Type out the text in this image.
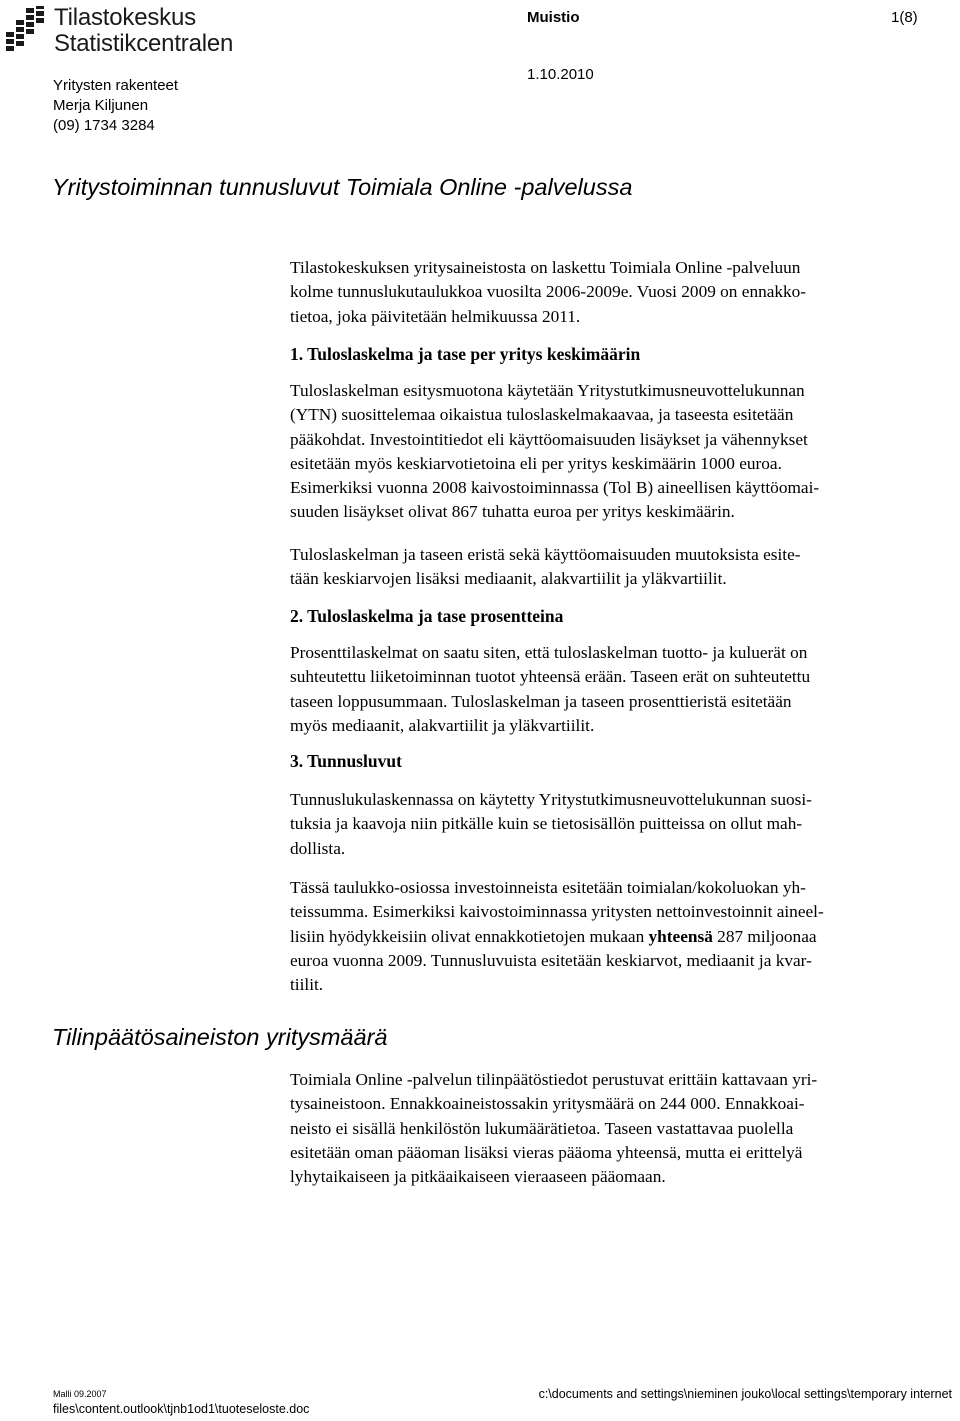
Tilastokeskus
Statistikcentralen
Muistio	1(8)
1.10.2010
Yritysten rakenteet
Merja Kiljunen
(09) 1734 3284
Yritystoiminnan tunnusluvut Toimiala Online -palvelussa
Tilastokeskuksen yritysaineistosta on laskettu Toimiala Online -palveluun
kolme tunnuslukutaulukkoa vuosilta 2006-2009e. Vuosi 2009 on ennakko-
tietoa, joka päivitetään helmikuussa 2011.
1. Tuloslaskelma ja tase per yritys keskimäärin
Tuloslaskelman esitysmuotona käytetään Yritystutkimusneuvottelukunnan
(YTN) suosittelemaa oikaistua tuloslaskelmakaavaa, ja taseesta esitetään
pääkohdat. Investointitiedot eli käyttöomaisuuden lisäykset ja vähennykset
esitetään myös keskiarvotietoina eli per yritys keskimäärin 1000 euroa.
Esimerkiksi vuonna 2008 kaivostoiminnassa (Tol B) aineellisen käyttöomai-
suuden lisäykset olivat 867 tuhatta euroa per yritys keskimäärin.
Tuloslaskelman ja taseen eristä sekä käyttöomaisuuden muutoksista esite-
tään keskiarvojen lisäksi mediaanit, alakvartiilit ja yläkvartiilit.
2. Tuloslaskelma ja tase prosentteina
Prosenttilaskelmat on saatu siten, että tuloslaskelman tuotto- ja kuluerät on
suhteutettu liiketoiminnan tuotot yhteensä erään. Taseen erät on suhteutettu
taseen loppusummaan. Tuloslaskelman ja taseen prosenttieristä esitetään
myös mediaanit, alakvartiilit ja yläkvartiilit.
3. Tunnusluvut
Tunnuslukulaskennassa on käytetty Yritystutkimusneuvottelukunnan suosi-
tuksia ja kaavoja niin pitkälle kuin se tietosisällön puitteissa on ollut mah-
dollista.
Tässä taulukko-osiossa investoinneista esitetään toimialan/kokoluokan yh-
teissumma. Esimerkiksi kaivostoiminnassa yritysten nettoinvestoinnit aineel-
lisiin hyödykkeisiin olivat ennakkotietojen mukaan yhteensä 287 miljoonaa
euroa vuonna 2009. Tunnusluvuista esitetään keskiarvot, mediaanit ja kvar-
tiilit.
Tilinpäätösaineiston yritysmäärä
Toimiala Online -palvelun tilinpäätöstiedot perustuvat erittäin kattavaan yri-
tysaineistoon. Ennakkoaineistossakin yritysmäärä on 244 000. Ennakkoai-
neisto ei sisällä henkilöstön lukumäärätietoa. Taseen vastattavaa puolella
esitetään oman pääoman lisäksi vieras pääoma yhteensä, mutta ei erittelyä
lyhytaikaiseen ja pitkäaikaiseen vieraaseen pääomaan.
Malli 09.2007
files\content.outlook\tjnb1od1\tuoteseloste.doc
c:\documents and settings\nieminen jouko\local settings\temporary internet
